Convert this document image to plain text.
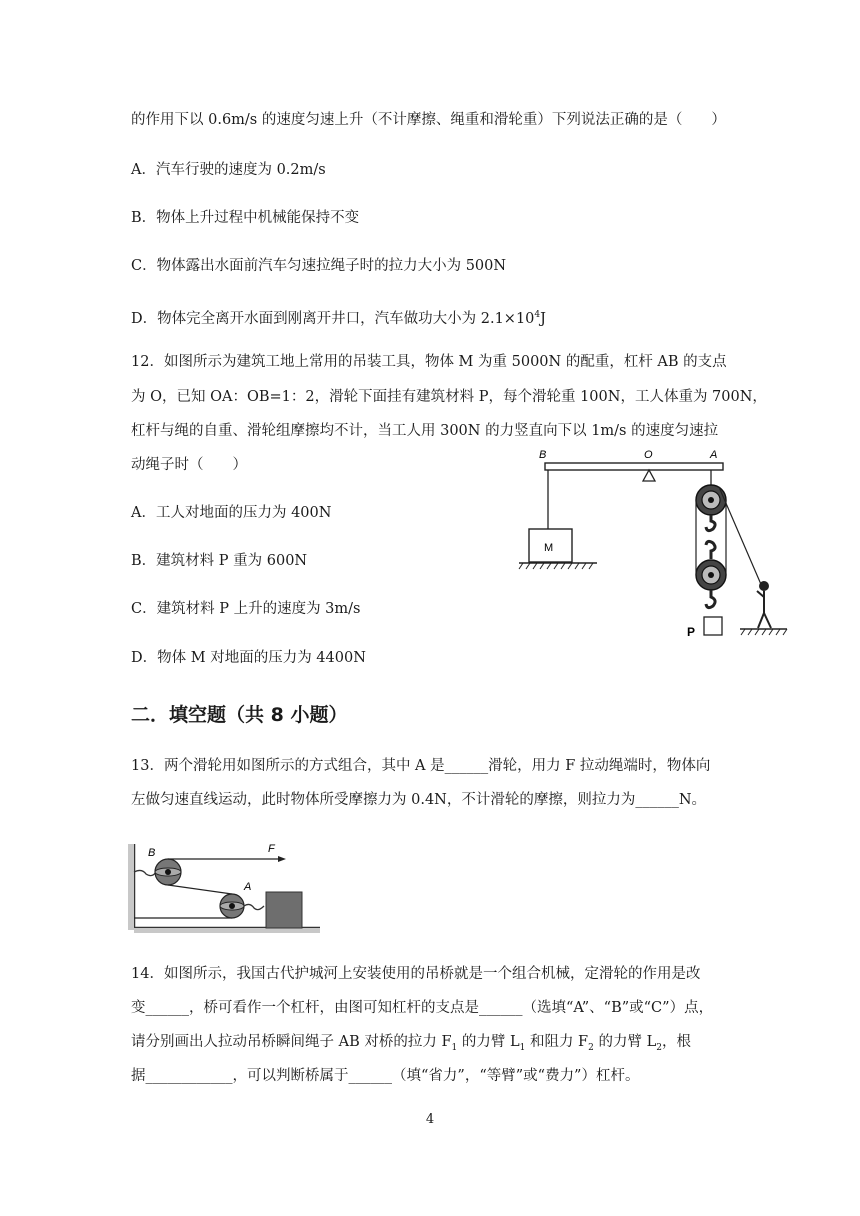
的作用下以 0.6m/s 的速度匀速上升（不计摩擦、绳重和滑轮重）下列说法正确的是（　　）
A．汽车行驶的速度为 0.2m/s
B．物体上升过程中机械能保持不变
C．物体露出水面前汽车匀速拉绳子时的拉力大小为 500N
D．物体完全离开水面到刚离开井口，汽车做功大小为 $2.1\times 10^4J$
12．如图所示为建筑工地上常用的吊装工具，物体 M 为重 5000N 的配重，杠杆 AB 的支点
为 O，已知 OA：OB=1：2，滑轮下面挂有建筑材料 P，每个滑轮重 100N，工人体重为 700N，
杠杆与绳的自重、滑轮组摩擦均不计，当工人用 300N 的力竖直向下以 1m/s 的速度匀速拉
动绳子时（　　）
A．工人对地面的压力为 400N
B．建筑材料 P 重为 600N
C．建筑材料 P 上升的速度为 3m/s
D．物体 M 对地面的压力为 4400N
B	O	A
M
P
二．填空题（共 8 小题）
13．两个滑轮用如图所示的方式组合，其中 A 是______滑轮，用力 F 拉动绳端时，物体向
左做匀速直线运动，此时物体所受摩擦力为 0.4N，不计滑轮的摩擦，则拉力为______N。
B	F
A
14．如图所示，我国古代护城河上安装使用的吊桥就是一个组合机械，定滑轮的作用是改
变______，桥可看作一个杠杆，由图可知杠杆的支点是______（选填“A”、“B”或“C”）点，
请分别画出人拉动吊桥瞬间绳子 AB 对桥的拉力 $F_1$ 的力臂 $L_1$ 和阻力 $F_2$ 的力臂 $L_2$，根
据____________，可以判断桥属于______（填“省力”，“等臂”或“费力”）杠杆。
4
